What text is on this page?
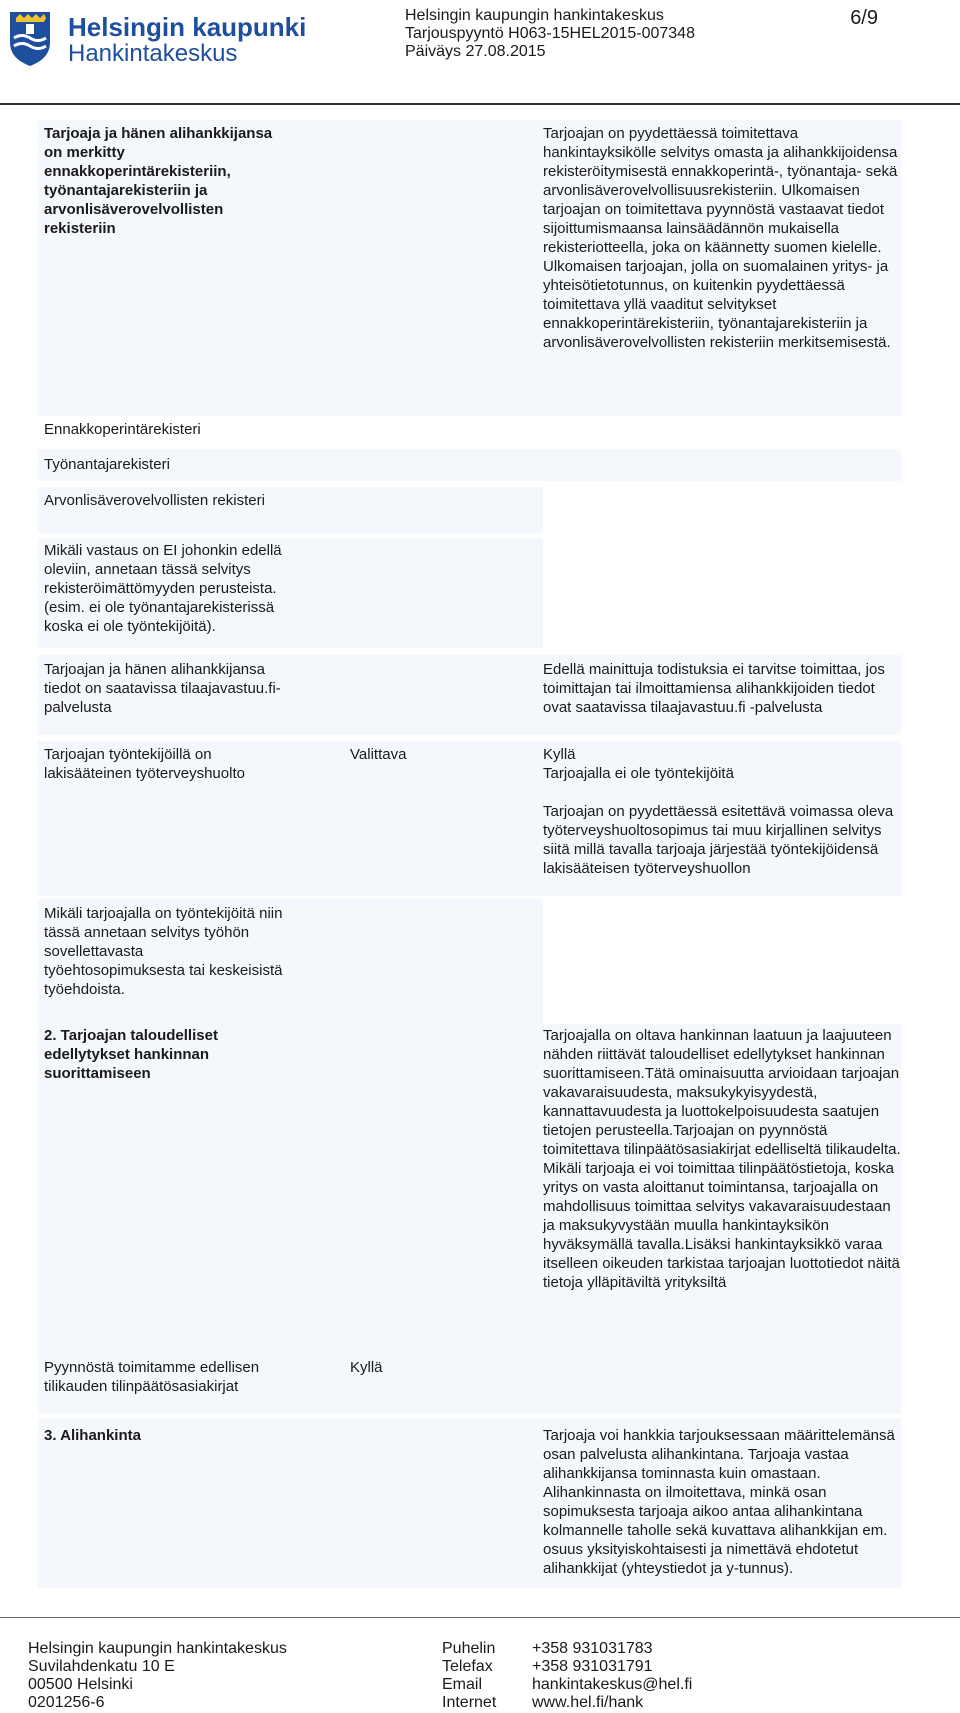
Helsingin kaupunki
Hankintakeskus
Helsingin kaupungin hankintakeskus
Tarjouspyyntö H063-15HEL2015-007348
Päiväys 27.08.2015
6/9
Tarjoaja ja hänen alihankkijansa on merkitty ennakkoperintärekisteriin, työnantajarekisteriin ja arvonlisäverovelvollisten rekisteriin
Tarjoajan on pyydettäessä toimitettava hankintayksikölle selvitys omasta ja alihankkijoidensa rekisteröitymisestä ennakkoperintä-, työnantaja- sekä arvonlisäverovelvollisuusrekisteriin. Ulkomaisen tarjoajan on toimitettava pyynnöstä vastaavat tiedot sijoittumismaansa lainsäädännön mukaisella rekisteriotteella, joka on käännetty suomen kielelle. Ulkomaisen tarjoajan, jolla on suomalainen yritys- ja yhteisötietotunnus, on kuitenkin pyydettäessä toimitettava yllä vaaditut selvitykset ennakkoperintärekisteriin, työnantajarekisteriin ja arvonlisäverovelvollisten rekisteriin merkitsemisestä.
Ennakkoperintärekisteri
Työnantajarekisteri
Arvonlisäverovelvollisten rekisteri
Mikäli vastaus on EI johonkin edellä oleviin, annetaan tässä selvitys rekisteröimättömyyden perusteista. (esim. ei ole työnantajarekisterissä koska ei ole työntekijöitä).
Tarjoajan ja hänen alihankkijansa tiedot on saatavissa tilaajavastuu.fi-palvelusta
Edellä mainittuja todistuksia ei tarvitse toimittaa, jos toimittajan tai ilmoittamiensa alihankkijoiden tiedot ovat saatavissa tilaajavastuu.fi -palvelusta
Tarjoajan työntekijöillä on lakisääteinen työterveyshuolto
Valittava	Kyllä
Tarjoajalla ei ole työntekijöitä
Tarjoajan on pyydettäessä esitettävä voimassa oleva työterveyshuoltosopimus tai muu kirjallinen selvitys siitä millä tavalla tarjoaja järjestää työntekijöidensä lakisääteisen työterveyshuollon
Mikäli tarjoajalla on työntekijöitä niin tässä annetaan selvitys työhön sovellettavasta työehtosopimuksesta tai keskeisistä työehdoista.
2. Tarjoajan taloudelliset edellytykset hankinnan suorittamiseen
Tarjoajalla on oltava hankinnan laatuun ja laajuuteen nähden riittävät taloudelliset edellytykset hankinnan suorittamiseen.Tätä ominaisuutta arvioidaan tarjoajan vakavaraisuudesta, maksukykyisyydestä, kannattavuudesta ja luottokelpoisuudesta saatujen tietojen perusteella.Tarjoajan on pyynnöstä toimitettava tilinpäätösasiakirjat edelliseltä tilikaudelta. Mikäli tarjoaja ei voi toimittaa tilinpäätöstietoja, koska yritys on vasta aloittanut toimintansa, tarjoajalla on mahdollisuus toimittaa selvitys vakavaraisuudestaan ja maksukyvystään muulla hankintayksikön hyväksymällä tavalla.Lisäksi hankintayksikkö varaa itselleen oikeuden tarkistaa tarjoajan luottotiedot näitä tietoja ylläpitäviltä yrityksiltä
Pyynnöstä toimitamme edellisen tilikauden tilinpäätösasiakirjat
Kyllä
3. Alihankinta	Tarjoaja voi hankkia tarjouksessaan määrittelemänsä osan palvelusta alihankintana. Tarjoaja vastaa alihankkijansa tominnasta kuin omastaan. Alihankinnasta on ilmoitettava, minkä osan sopimuksesta tarjoaja aikoo antaa alihankintana kolmannelle taholle sekä kuvattava alihankkijan em. osuus yksityiskohtaisesti ja nimettävä ehdotetut alihankkijat (yhteystiedot ja y-tunnus).
Helsingin kaupungin hankintakeskus
Suvilahdenkatu 10 E
00500 Helsinki
0201256-6
Puhelin
Telefax
Email
Internet
+358 931031783
+358 931031791
hankintakeskus@hel.fi
www.hel.fi/hank
